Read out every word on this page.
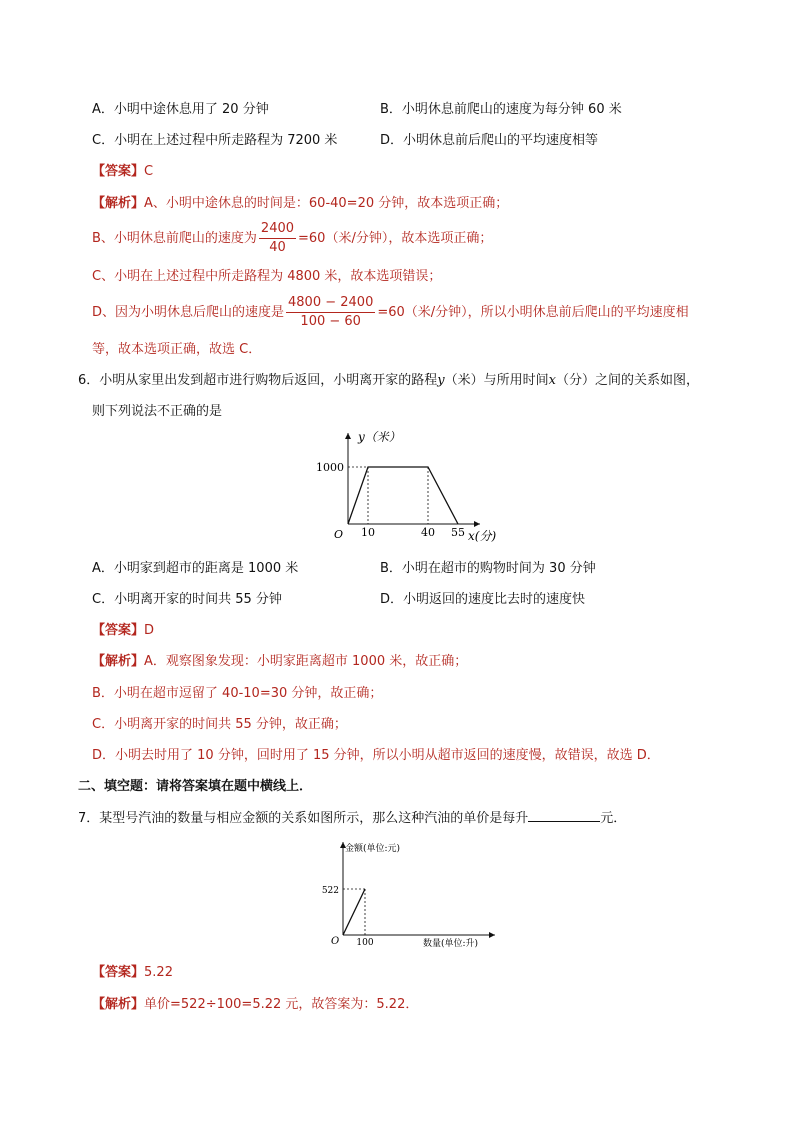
A．小明中途休息用了 20 分钟	B．小明休息前爬山的速度为每分钟 60 米
C．小明在上述过程中所走路程为 7200 米	D．小明休息前后爬山的平均速度相等
【答案】C
【解析】A、小明中途休息的时间是：60-40=20 分钟，故本选项正确；
B、小明休息前爬山的速度为 $\frac{2400}{40} =60$（米/分钟），故本选项正确；
C、小明在上述过程中所走路程为 4800 米，故本选项错误；
D、因为小明休息后爬山的速度是 $\frac{4800 - 2400}{100 - 60} =60$（米/分钟），所以小明休息前后爬山的平均速度相
等，故本选项正确，故选 C．
6．小明从家里出发到超市进行购物后返回，小明离开家的路程y（米）与所用时间x（分）之间的关系如图，
则下列说法不正确的是
1000
10	40 55
y（米）
x(分)
O
A．小明家到超市的距离是 1000 米	B．小明在超市的购物时间为 30 分钟
C．小明离开家的时间共 55 分钟	D．小明返回的速度比去时的速度快
【答案】D
【解析】A．观察图象发现：小明家距离超市 1000 米，故正确；
B．小明在超市逗留了 40-10=30 分钟，故正确；
C．小明离开家的时间共 55 分钟，故正确；
D．小明去时用了 10 分钟，回时用了 15 分钟，所以小明从超市返回的速度慢，故错误，故选 D．
二、填空题：请将答案填在题中横线上．
7．某型号汽油的数量与相应金额的关系如图所示，那么这种汽油的单价是每升	元．
522
100
金额(单位:元)
数量(单位:升)
O
【答案】5.22
【解析】单价=522÷100=5.22 元，故答案为：5.22．
